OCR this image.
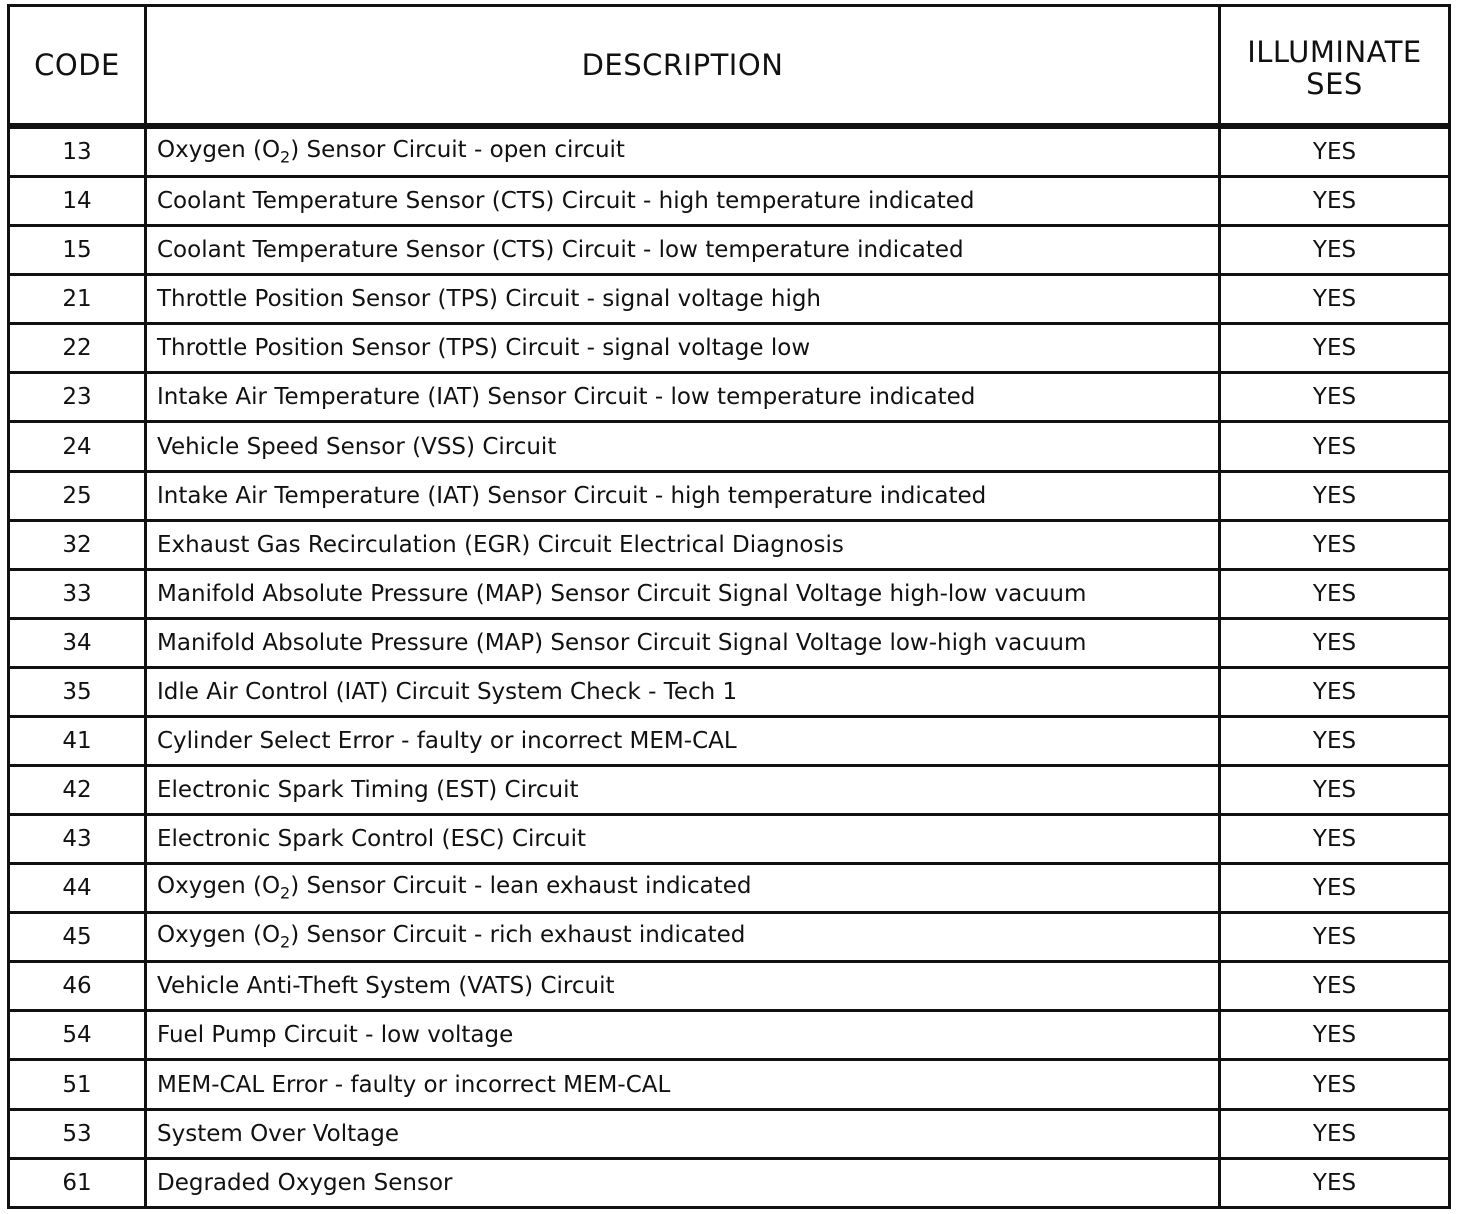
CODE	DESCRIPTION	ILLUMINATE
SES
13	Oxygen $(O_2)$ Sensor Circuit - open circuit	YES
14	Coolant Temperature Sensor (CTS) Circuit - high temperature indicated	YES
15	Coolant Temperature Sensor (CTS) Circuit - low temperature indicated	YES
21	Throttle Position Sensor (TPS) Circuit - signal voltage high	YES
22	Throttle Position Sensor (TPS) Circuit - signal voltage low	YES
23	Intake Air Temperature (IAT) Sensor Circuit - low temperature indicated	YES
24	Vehicle Speed Sensor (VSS) Circuit	YES
25	Intake Air Temperature (IAT) Sensor Circuit - high temperature indicated	YES
32	Exhaust Gas Recirculation (EGR) Circuit Electrical Diagnosis	YES
33	Manifold Absolute Pressure (MAP) Sensor Circuit Signal Voltage high-low vacuum	YES
34	Manifold Absolute Pressure (MAP) Sensor Circuit Signal Voltage low-high vacuum	YES
35	Idle Air Control (IAT) Circuit System Check - Tech 1	YES
41	Cylinder Select Error - faulty or incorrect MEM-CAL	YES
42	Electronic Spark Timing (EST) Circuit	YES
43	Electronic Spark Control (ESC) Circuit	YES
44	Oxygen $(O_2)$ Sensor Circuit - lean exhaust indicated	YES
45	Oxygen $(O_2)$ Sensor Circuit - rich exhaust indicated	YES
46	Vehicle Anti-Theft System (VATS) Circuit	YES
54	Fuel Pump Circuit - low voltage	YES
51	MEM-CAL Error - faulty or incorrect MEM-CAL	YES
53	System Over Voltage	YES
61	Degraded Oxygen Sensor	YES
